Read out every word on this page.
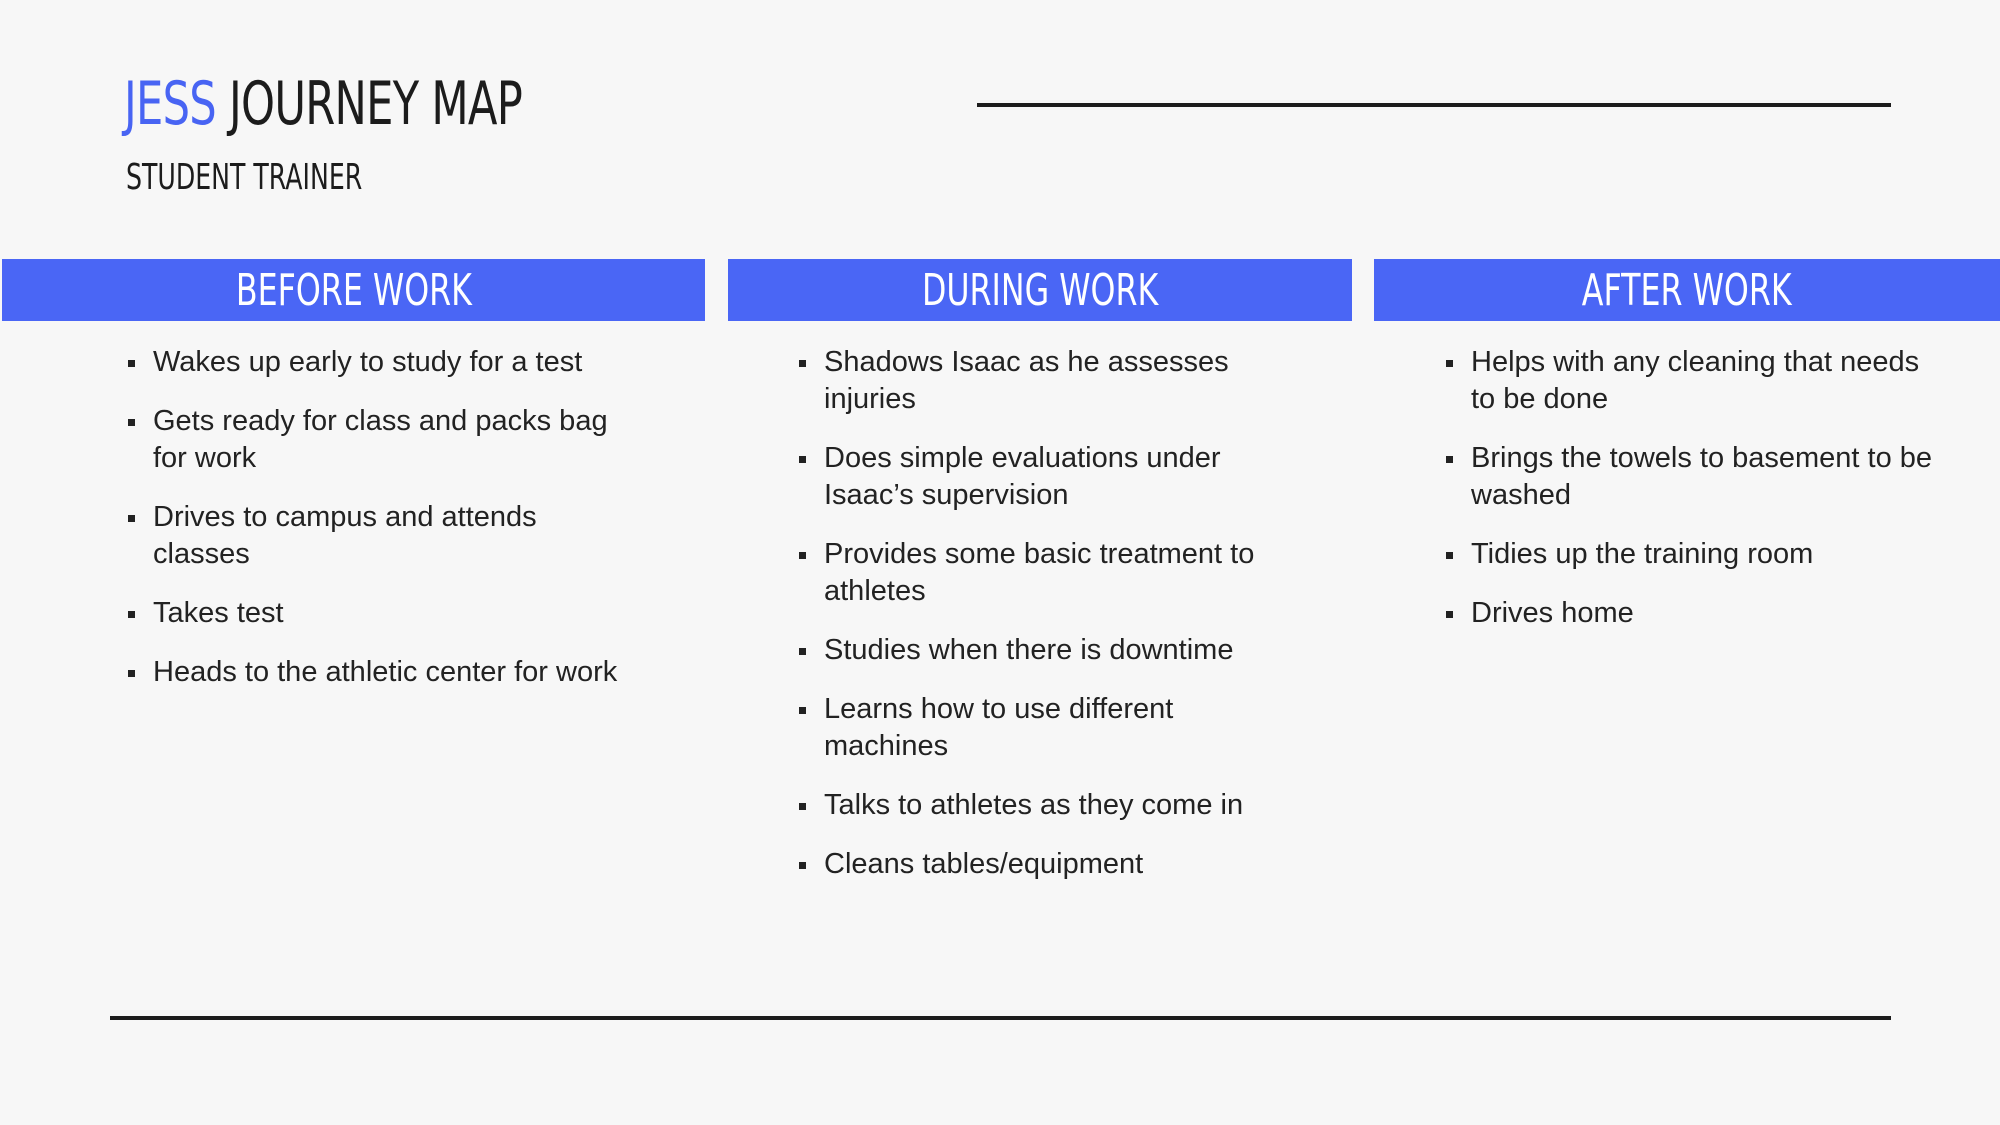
JESS JOURNEY MAP
STUDENT TRAINER
BEFORE WORK	DURING WORK	AFTER WORK
Wakes up early to study for a test
Gets ready for class and packs bag for work
Drives to campus and attends classes
Takes test
Heads to the athletic center for work
Shadows Isaac as he assesses injuries
Does simple evaluations under Isaac’s supervision
Provides some basic treatment to athletes
Studies when there is downtime
Learns how to use different machines
Talks to athletes as they come in
Cleans tables/equipment
Helps with any cleaning that needs to be done
Brings the towels to basement to be washed
Tidies up the training room
Drives home
